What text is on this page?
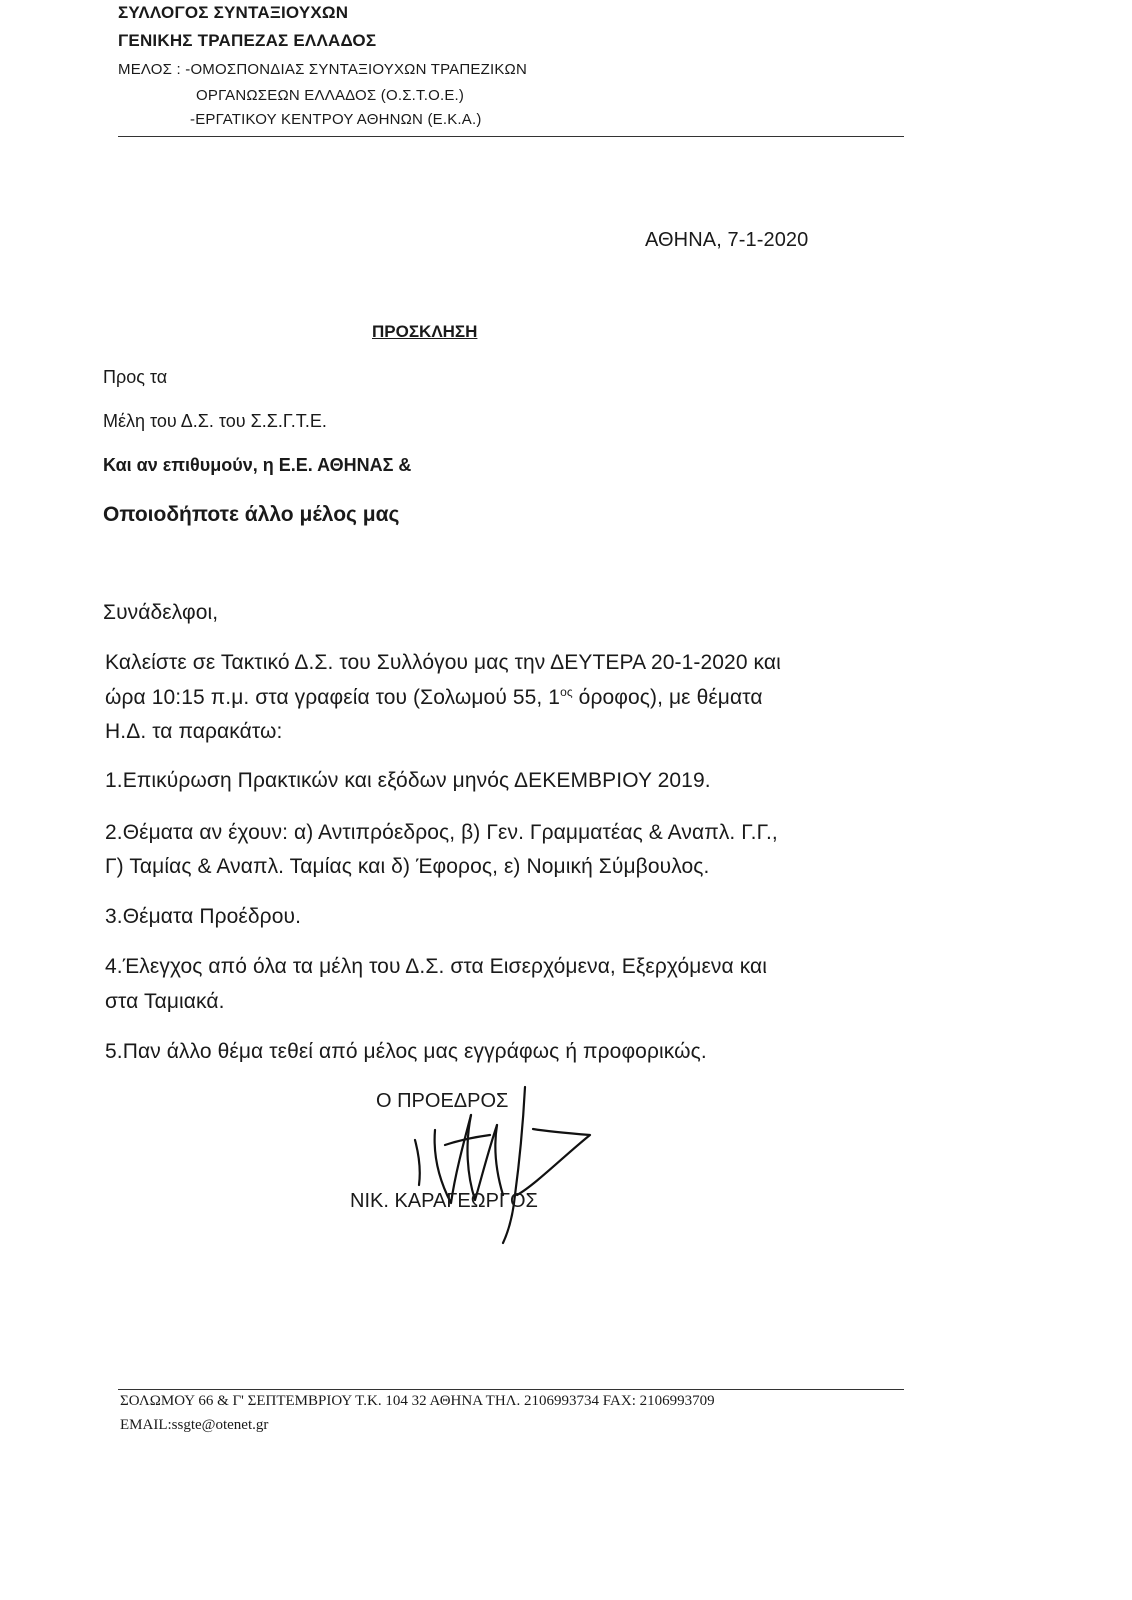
ΣΥΛΛΟΓΟΣ ΣΥΝΤΑΞΙΟΥΧΩΝ
ΓΕΝΙΚΗΣ ΤΡΑΠΕΖΑΣ ΕΛΛΑΔΟΣ
ΜΕΛΟΣ : -ΟΜΟΣΠΟΝΔΙΑΣ ΣΥΝΤΑΞΙΟΥΧΩΝ ΤΡΑΠΕΖΙΚΩΝ
ΟΡΓΑΝΩΣΕΩΝ ΕΛΛΑΔΟΣ (Ο.Σ.Τ.Ο.Ε.)
-ΕΡΓΑΤΙΚΟΥ ΚΕΝΤΡΟΥ ΑΘΗΝΩΝ (Ε.Κ.Α.)
ΑΘΗΝΑ, 7-1-2020
ΠΡΟΣΚΛΗΣΗ
Προς τα
Μέλη του Δ.Σ. του Σ.Σ.Γ.Τ.Ε.
Και αν επιθυμούν, η Ε.Ε. ΑΘΗΝΑΣ &
Οποιοδήποτε άλλο μέλος μας
Συνάδελφοι,
Καλείστε σε Τακτικό Δ.Σ. του Συλλόγου μας την ΔΕΥΤΕΡΑ 20-1-2020 και
ώρα 10:15 π.μ. στα γραφεία του (Σολωμού 55, $1^{o\varsigma}$ όροφος), με θέματα
Η.Δ. τα παρακάτω:
1.Επικύρωση Πρακτικών και εξόδων μηνός ΔΕΚΕΜΒΡΙΟΥ 2019.
2.Θέματα αν έχουν: α) Αντιπρόεδρος, β) Γεν. Γραμματέας & Αναπλ. Γ.Γ.,
Γ) Ταμίας & Αναπλ. Ταμίας και δ) Έφορος, ε) Νομική Σύμβουλος.
3.Θέματα Προέδρου.
4.Έλεγχος από όλα τα μέλη του Δ.Σ. στα Εισερχόμενα, Εξερχόμενα και
στα Ταμιακά.
5.Παν άλλο θέμα τεθεί από μέλος μας εγγράφως ή προφορικώς.
Ο ΠΡΟΕΔΡΟΣ
ΝΙΚ. ΚΑΡΑΓΕΩΡΓΟΣ
ΣΟΛΩΜΟΥ 66 & Γ' ΣΕΠΤΕΜΒΡΙΟΥ Τ.Κ. 104 32 ΑΘΗΝΑ ΤΗΛ. 2106993734 FAX: 2106993709
EMAIL:ssgte@otenet.gr
